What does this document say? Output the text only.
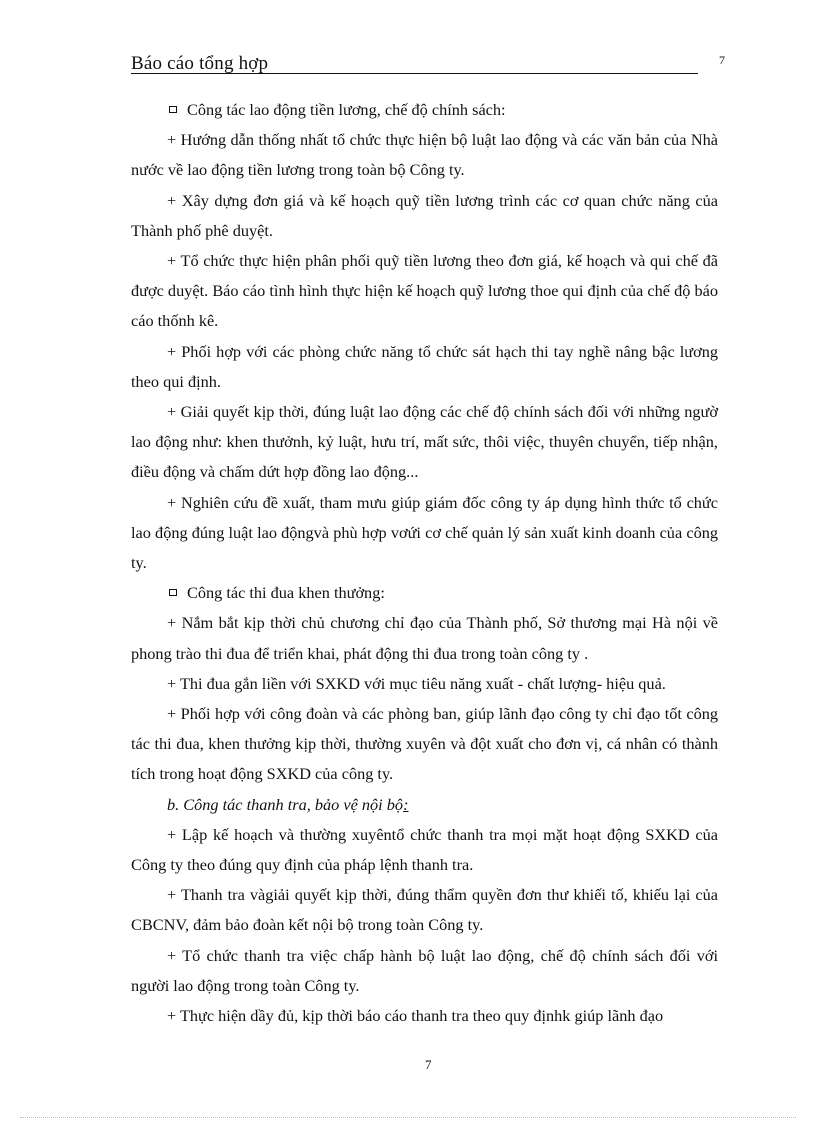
Báo cáo tổng hợp	7

Công tác lao động tiền lương, chế độ chính sách:

+ Hướng dẫn thống nhất tổ chức thực hiện bộ luật lao động và các văn bản của Nhà nước về lao động tiền lương trong toàn bộ Công ty.

+ Xây dựng đơn giá và kế hoạch quỹ tiền lương trình các cơ quan chức năng của Thành phố phê duyệt.

+ Tổ chức thực hiện phân phối quỹ tiền lương theo đơn giá, kế hoạch và qui chế đã được duyệt. Báo cáo tình hình thực hiện kế hoạch quỹ lương thoe qui định của chế độ báo cáo thốnh kê.

+ Phối hợp với các phòng chức năng tổ chức sát hạch thi tay nghề nâng bậc lương theo qui định.

+ Giải quyết kịp thời, đúng luật lao động các chế độ chính sách đối với những ngườ lao động như: khen thưởnh, kỷ luật, hưu trí, mất sức, thôi việc, thuyên chuyển, tiếp nhận, điều động và chấm dứt hợp đồng lao động...

+ Nghiên cứu đề xuất, tham mưu giúp giám đốc công ty áp dụng hình thức tổ chức lao động đúng luật lao độngvà phù hợp vơứi cơ chế quản lý sản xuất kinh doanh của công ty.

Công tác thi đua khen thưởng:

+ Nắm bắt kịp thời chủ chương chỉ đạo của Thành phố, Sở thương mại Hà nội về phong trào thi đua để triển khai, phát động thi đua trong toàn công ty .

+ Thi đua gắn liền với SXKD với mục tiêu năng xuất - chất lượng- hiệu quả.

+ Phối hợp với công đoàn và các phòng ban, giúp lãnh đạo công ty chỉ đạo tốt công tác thi đua, khen thưởng kịp thời, thường xuyên và đột xuất cho đơn vị, cá nhân có thành tích trong hoạt động SXKD của công ty.

b. Công tác thanh tra, bảo vệ nội bộ:

+ Lập kế hoạch và thường xuyêntổ chức thanh tra mọi mặt hoạt động SXKD của Công ty theo đúng quy định của pháp lệnh thanh tra.

+ Thanh tra vàgiải quyết kịp thời, đúng thẩm quyền đơn thư khiếi tố, khiếu lại của CBCNV, đảm bảo đoàn kết nội bộ trong toàn Công ty.

+ Tổ chức thanh tra việc chấp hành bộ luật lao động, chế độ chính sách đối với người lao động trong toàn Công ty.

+ Thực hiện dầy đủ, kịp thời báo cáo thanh tra theo quy địnhk giúp lãnh đạo

7
